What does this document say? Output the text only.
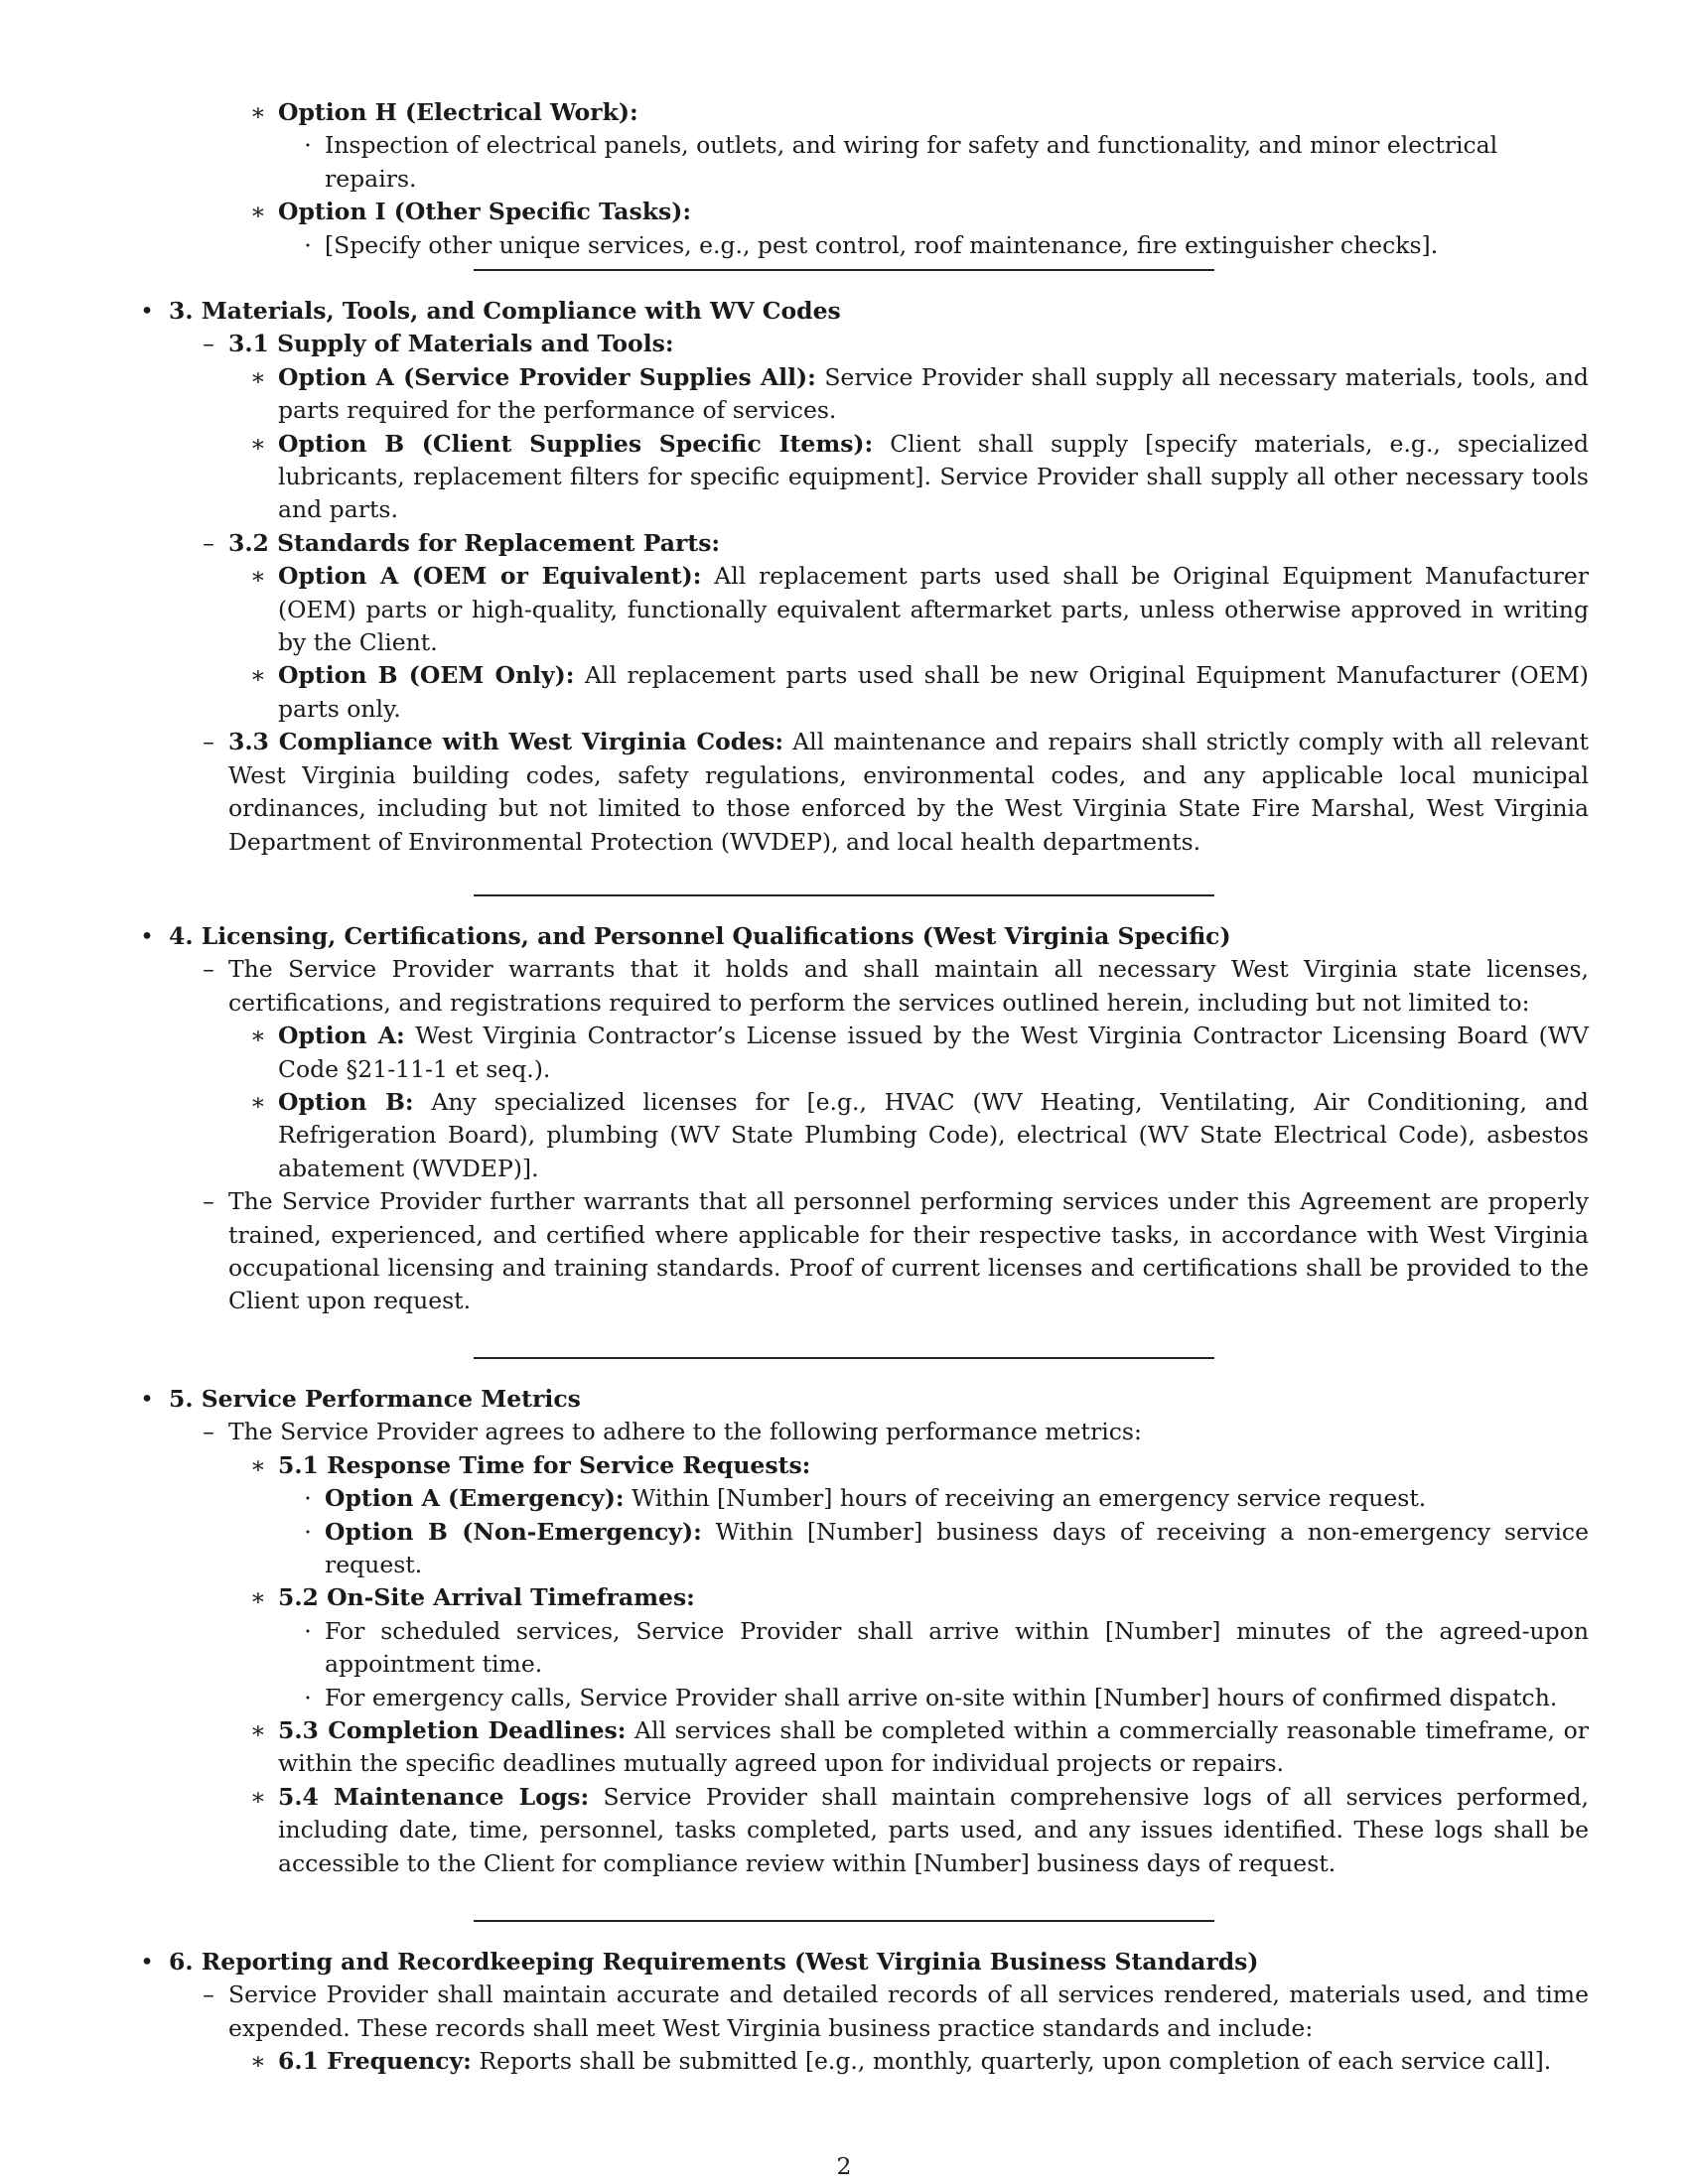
∗ Option H (Electrical Work):
· Inspection of electrical panels, outlets, and wiring for safety and functionality, and minor electrical repairs.
∗ Option I (Other Specific Tasks):
· [Specify other unique services, e.g., pest control, roof maintenance, fire extinguisher checks].
• 3. Materials, Tools, and Compliance with WV Codes
– 3.1 Supply of Materials and Tools:
∗ Option A (Service Provider Supplies All): Service Provider shall supply all necessary materials, tools, and parts required for the performance of services.
∗ Option B (Client Supplies Specific Items): Client shall supply [specify materials, e.g., specialized lubricants, replacement filters for specific equipment]. Service Provider shall supply all other necessary tools and parts.
– 3.2 Standards for Replacement Parts:
∗ Option A (OEM or Equivalent): All replacement parts used shall be Original Equipment Manufacturer (OEM) parts or high-quality, functionally equivalent aftermarket parts, unless otherwise approved in writing by the Client.
∗ Option B (OEM Only): All replacement parts used shall be new Original Equipment Manufacturer (OEM) parts only.
– 3.3 Compliance with West Virginia Codes: All maintenance and repairs shall strictly comply with all relevant West Virginia building codes, safety regulations, environmental codes, and any applicable local municipal ordinances, including but not limited to those enforced by the West Virginia State Fire Marshal, West Virginia Department of Environmental Protection (WVDEP), and local health departments.
• 4. Licensing, Certifications, and Personnel Qualifications (West Virginia Specific)
– The Service Provider warrants that it holds and shall maintain all necessary West Virginia state licenses, certifications, and registrations required to perform the services outlined herein, including but not limited to:
∗ Option A: West Virginia Contractor’s License issued by the West Virginia Contractor Licensing Board (WV Code §21-11-1 et seq.).
∗ Option B: Any specialized licenses for [e.g., HVAC (WV Heating, Ventilating, Air Conditioning, and Refrigeration Board), plumbing (WV State Plumbing Code), electrical (WV State Electrical Code), asbestos abatement (WVDEP)].
– The Service Provider further warrants that all personnel performing services under this Agreement are properly trained, experienced, and certified where applicable for their respective tasks, in accordance with West Virginia occupational licensing and training standards. Proof of current licenses and certifications shall be provided to the Client upon request.
• 5. Service Performance Metrics
– The Service Provider agrees to adhere to the following performance metrics:
∗ 5.1 Response Time for Service Requests:
· Option A (Emergency): Within [Number] hours of receiving an emergency service request.
· Option B (Non-Emergency): Within [Number] business days of receiving a non-emergency service request.
∗ 5.2 On-Site Arrival Timeframes:
· For scheduled services, Service Provider shall arrive within [Number] minutes of the agreed-upon appointment time.
· For emergency calls, Service Provider shall arrive on-site within [Number] hours of confirmed dispatch.
∗ 5.3 Completion Deadlines: All services shall be completed within a commercially reasonable timeframe, or within the specific deadlines mutually agreed upon for individual projects or repairs.
∗ 5.4 Maintenance Logs: Service Provider shall maintain comprehensive logs of all services performed, including date, time, personnel, tasks completed, parts used, and any issues identified. These logs shall be accessible to the Client for compliance review within [Number] business days of request.
• 6. Reporting and Recordkeeping Requirements (West Virginia Business Standards)
– Service Provider shall maintain accurate and detailed records of all services rendered, materials used, and time expended. These records shall meet West Virginia business practice standards and include:
∗ 6.1 Frequency: Reports shall be submitted [e.g., monthly, quarterly, upon completion of each service call].
2
